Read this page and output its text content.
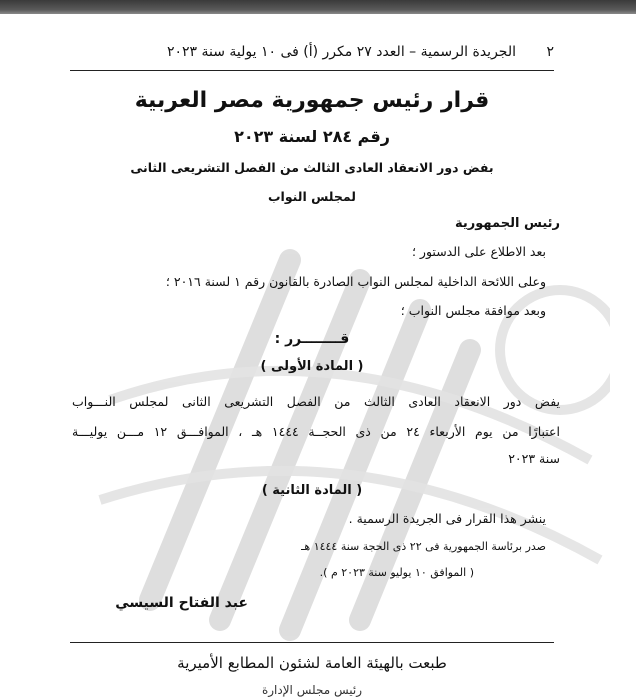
٢
الجريدة الرسمية – العدد ٢٧ مكرر (أ) فى ١٠ يولية سنة ٢٠٢٣
قرار رئيس جمهورية مصر العربية
رقم ٢٨٤ لسنة ٢٠٢٣
بفض دور الانعقاد العادى الثالث من الفصل التشريعى الثانى
لمجلس النواب
رئيس الجمهورية
بعد الاطلاع على الدستور ؛
وعلى اللائحة الداخلية لمجلس النواب الصادرة بالقانون رقم ١ لسنة ٢٠١٦ ؛
وبعد موافقة مجلس النواب ؛
قــــــــرر :
( المادة الأولى )
يفض دور الانعقاد العادى الثالث من الفصل التشريعى الثانى لمجلس النـــواب
اعتبارًا من يوم الأربعاء ٢٤ من ذى الحجــة ١٤٤٤ هـ ، الموافـــق ١٢ مـــن يوليـــة
سنة ٢٠٢٣
( المادة الثانية )
ينشر هذا القرار فى الجريدة الرسمية .
صدر برئاسة الجمهورية فى ٢٢ ذى الحجة سنة ١٤٤٤ هـ
( الموافق ١٠ يوليو سنة ٢٠٢٣ م ).
عبد الفتاح السيسي
طبعت بالهيئة العامة لشئون المطابع الأميرية
رئيس مجلس الإدارة
